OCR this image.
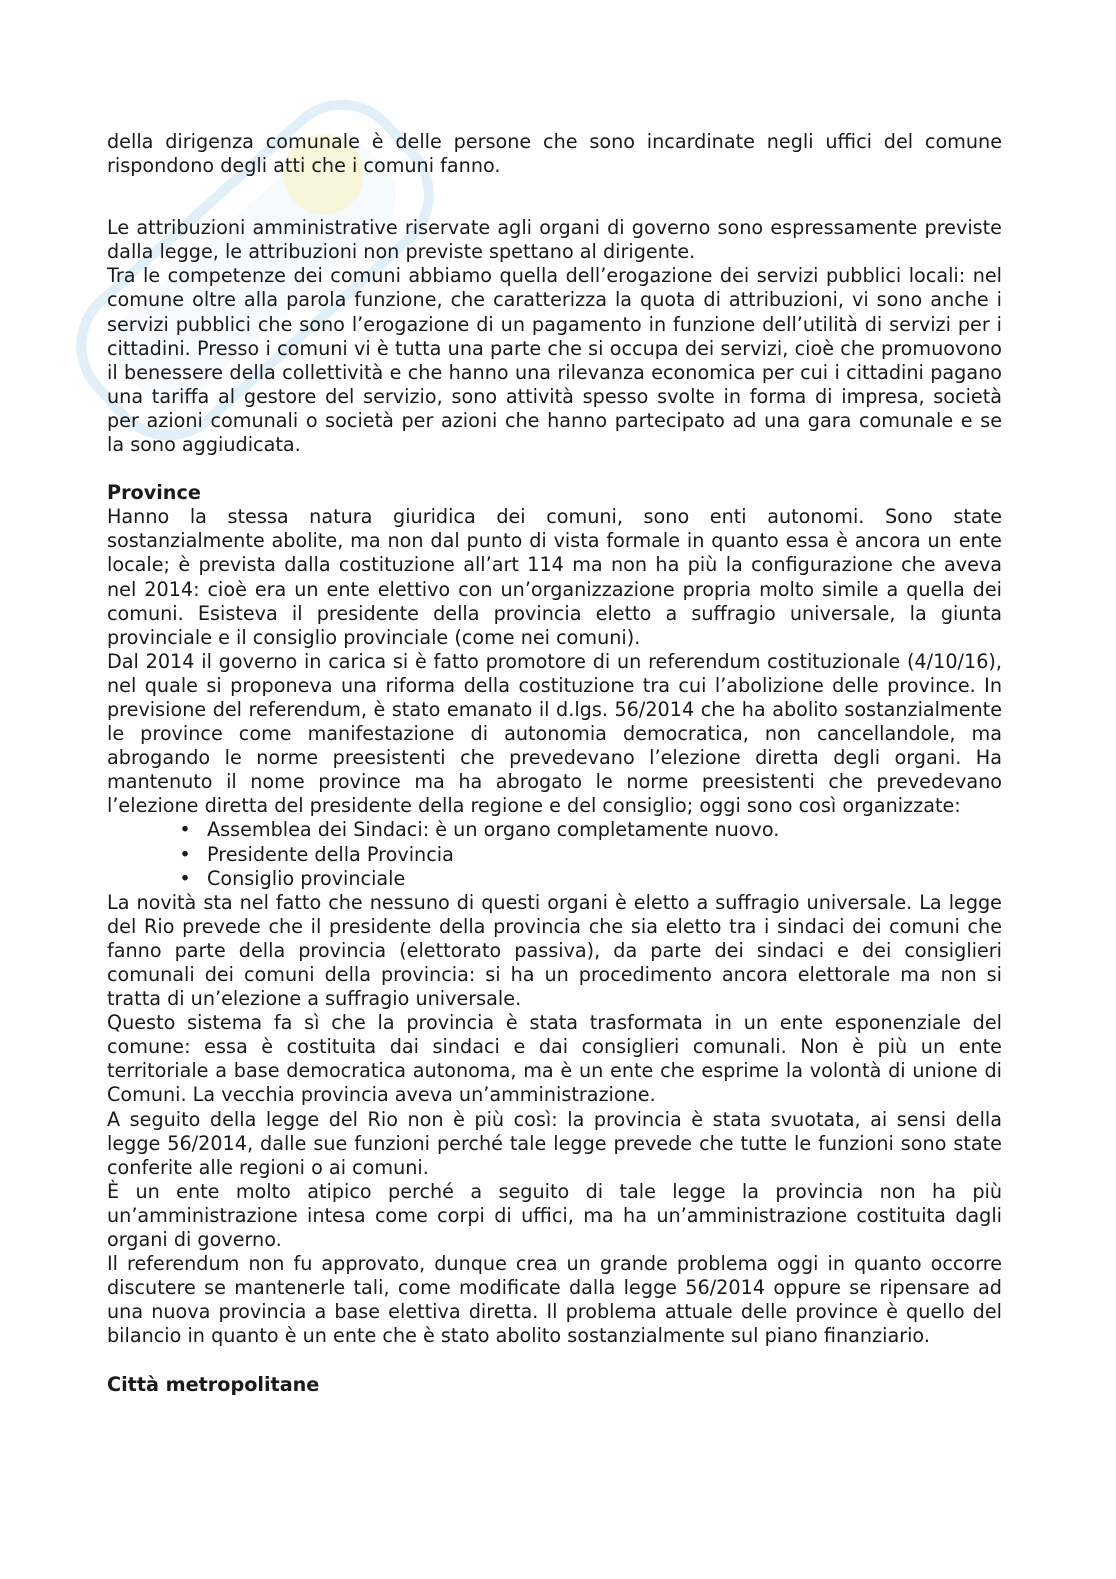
della dirigenza comunale è delle persone che sono incardinate negli uffici del comune rispondono degli atti che i comuni fanno.

Le attribuzioni amministrative riservate agli organi di governo sono espressamente previste dalla legge, le attribuzioni non previste spettano al dirigente.

Tra le competenze dei comuni abbiamo quella dell’erogazione dei servizi pubblici locali: nel comune oltre alla parola funzione, che caratterizza la quota di attribuzioni, vi sono anche i servizi pubblici che sono l’erogazione di un pagamento in funzione dell’utilità di servizi per i cittadini. Presso i comuni vi è tutta una parte che si occupa dei servizi, cioè che promuovono il benessere della collettività e che hanno una rilevanza economica per cui i cittadini pagano una tariffa al gestore del servizio, sono attività spesso svolte in forma di impresa, società per azioni comunali o società per azioni che hanno partecipato ad una gara comunale e se la sono aggiudicata.

Province

Hanno la stessa natura giuridica dei comuni, sono enti autonomi. Sono state sostanzialmente abolite, ma non dal punto di vista formale in quanto essa è ancora un ente locale; è prevista dalla costituzione all’art 114 ma non ha più la configurazione che aveva nel 2014: cioè era un ente elettivo con un’organizzazione propria molto simile a quella dei comuni. Esisteva il presidente della provincia eletto a suffragio universale, la giunta provinciale e il consiglio provinciale (come nei comuni).

Dal 2014 il governo in carica si è fatto promotore di un referendum costituzionale (4/10/16), nel quale si proponeva una riforma della costituzione tra cui l’abolizione delle province. In previsione del referendum, è stato emanato il d.lgs. 56/2014 che ha abolito sostanzialmente le province come manifestazione di autonomia democratica, non cancellandole, ma abrogando le norme preesistenti che prevedevano l’elezione diretta degli organi. Ha mantenuto il nome province ma ha abrogato le norme preesistenti che prevedevano l’elezione diretta del presidente della regione e del consiglio; oggi sono così organizzate:

• Assemblea dei Sindaci: è un organo completamente nuovo.
• Presidente della Provincia
• Consiglio provinciale

La novità sta nel fatto che nessuno di questi organi è eletto a suffragio universale. La legge del Rio prevede che il presidente della provincia che sia eletto tra i sindaci dei comuni che fanno parte della provincia (elettorato passiva), da parte dei sindaci e dei consiglieri comunali dei comuni della provincia: si ha un procedimento ancora elettorale ma non si tratta di un’elezione a suffragio universale.

Questo sistema fa sì che la provincia è stata trasformata in un ente esponenziale del comune: essa è costituita dai sindaci e dai consiglieri comunali. Non è più un ente territoriale a base democratica autonoma, ma è un ente che esprime la volontà di unione di Comuni. La vecchia provincia aveva un’amministrazione.

A seguito della legge del Rio non è più così: la provincia è stata svuotata, ai sensi della legge 56/2014, dalle sue funzioni perché tale legge prevede che tutte le funzioni sono state conferite alle regioni o ai comuni.

È un ente molto atipico perché a seguito di tale legge la provincia non ha più un’amministrazione intesa come corpi di uffici, ma ha un’amministrazione costituita dagli organi di governo.

Il referendum non fu approvato, dunque crea un grande problema oggi in quanto occorre discutere se mantenerle tali, come modificate dalla legge 56/2014 oppure se ripensare ad una nuova provincia a base elettiva diretta. Il problema attuale delle province è quello del bilancio in quanto è un ente che è stato abolito sostanzialmente sul piano finanziario.

Città metropolitane
